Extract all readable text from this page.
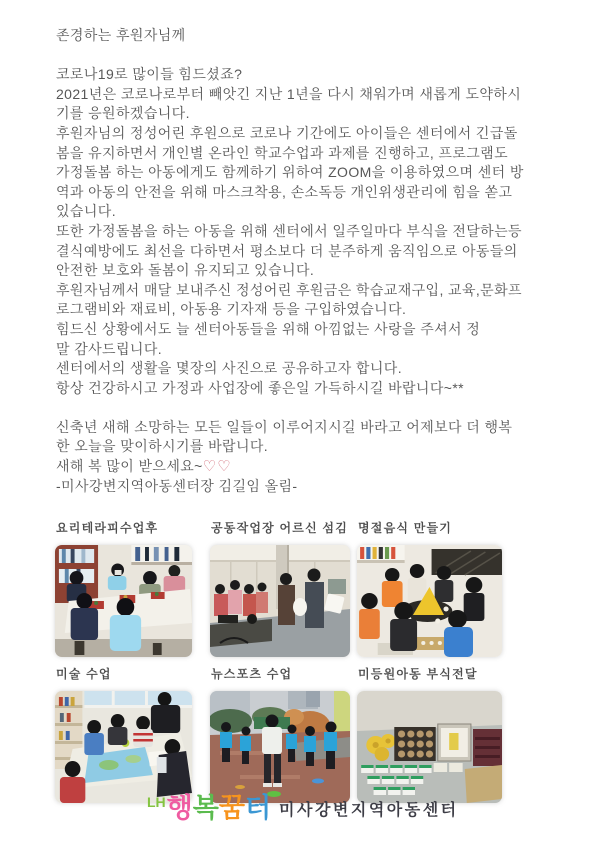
존경하는 후원자님께
코로나19로 많이들 힘드셨죠?
2021년은 코로나로부터 빼앗긴 지난 1년을 다시 채워가며 새롭게 도약하시
기를 응원하겠습니다.
후원자님의 정성어린 후원으로 코로나 기간에도 아이들은 센터에서 긴급돌
봄을 유지하면서 개인별 온라인 학교수업과 과제를 진행하고, 프로그램도
가정돌봄 하는 아동에게도 함께하기 위하여 ZOOM을 이용하였으며 센터 방
역과 아동의 안전을 위해 마스크착용, 손소독등 개인위생관리에 힘을 쏟고
있습니다.
또한 가정돌봄을 하는 아동을 위해 센터에서 일주일마다 부식을 전달하는등
결식예방에도 최선을 다하면서 평소보다 더 분주하게 움직임으로 아동들의
안전한 보호와 돌봄이 유지되고 있습니다.
후원자님께서 매달 보내주신 정성어린 후원금은 학습교재구입, 교육,문화프
로그램비와 재료비, 아동용 기자재 등을 구입하였습니다.
힘드신 상황에서도 늘 센터아동들을 위해 아낌없는 사랑을 주셔서 정
말 감사드립니다.
센터에서의 생활을 몇장의 사진으로 공유하고자 합니다.
항상 건강하시고 가정과 사업장에 좋은일 가득하시길 바랍니다~**
신축년 새해 소망하는 모든 일들이 이루어지시길 바라고 어제보다 더 행복
한 오늘을 맞이하시기를 바랍니다.
새해 복 많이 받으세요~♡♡
-미사강변지역아동센터장 김길임 올림-
요리테라피수업후	공동작업장 어르신 섬김 명절음식 만들기
미술 수업	뉴스포츠 수업	미등원아동 부식전달
LH 행복꿈터 미사강변지역아동센터
